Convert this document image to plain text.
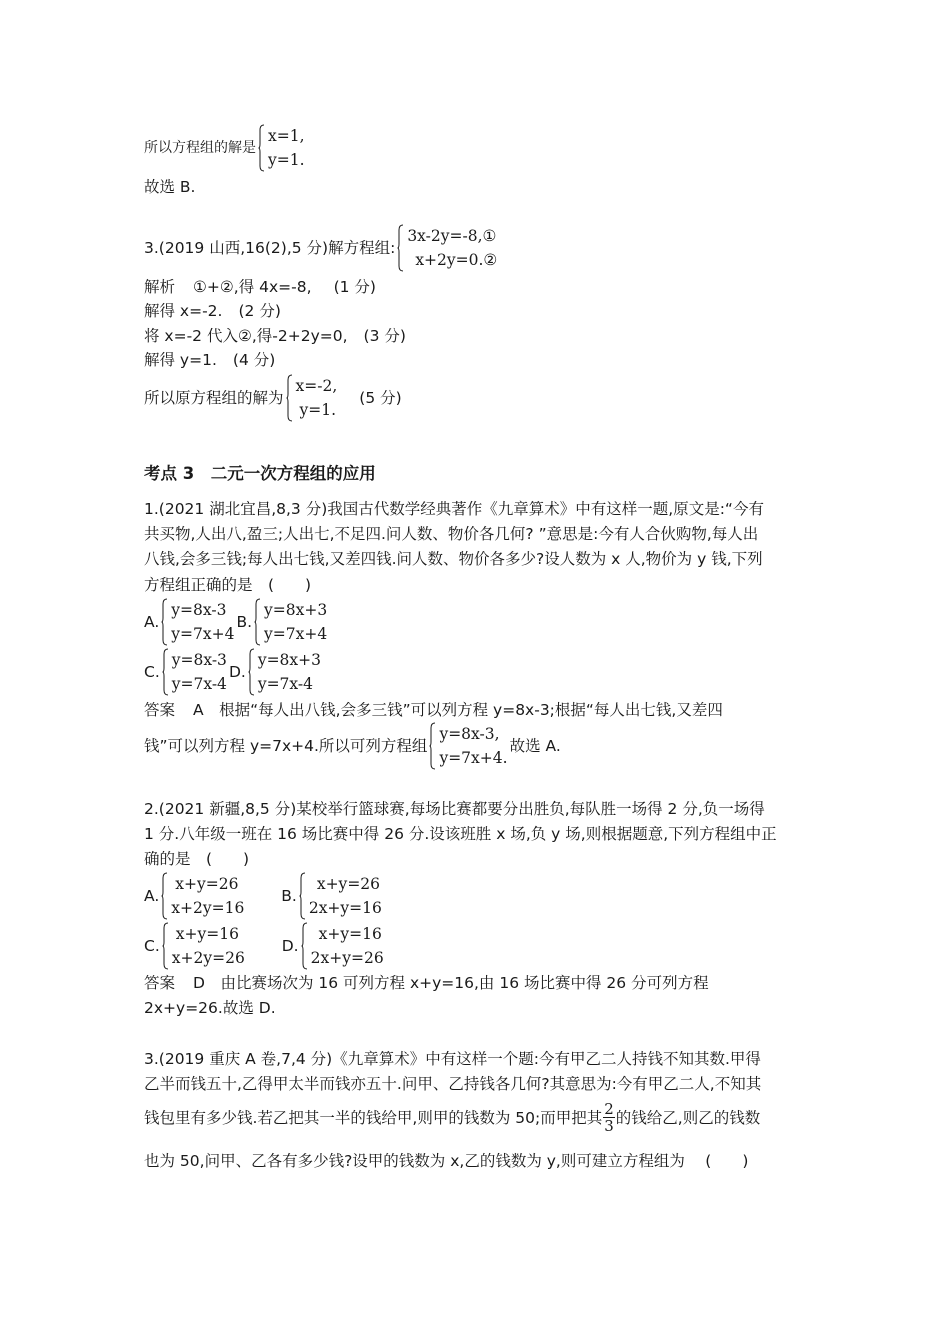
所以方程组的解是
x=1,
y=1.
故选 B.
3.(2019 山西,16(2),5 分)解方程组:
3x-2y=-8,①
x+2y=0.②
解析 ①+②,得 4x=-8, (1 分)
解得 x=-2. (2 分)
将 x=-2 代入②,得-2+2y=0, (3 分)
解得 y=1. (4 分)
所以原方程组的解为
x=-2,
y=1.
(5 分)
考点 3　二元一次方程组的应用
1.(2021 湖北宜昌,8,3 分)我国古代数学经典著作《九章算术》中有这样一题,原文是:“今有
共买物,人出八,盈三;人出七,不足四.问人数、物价各几何? ”意思是:今有人合伙购物,每人出
八钱,会多三钱;每人出七钱,又差四钱.问人数、物价各多少?设人数为 x 人,物价为 y 钱,下列
方程组正确的是　(　　)
A.
y=8x-3
y=7x+4
B.
y=8x+3
y=7x+4
C.
y=8x-3
y=7x-4
D.
y=8x+3
y=7x-4
答案 A　根据“每人出八钱,会多三钱”可以列方程 y=8x-3;根据“每人出七钱,又差四
钱”可以列方程 y=7x+4.所以可列方程组
y=8x-3,
y=7x+4.
故选 A.
2.(2021 新疆,8,5 分)某校举行篮球赛,每场比赛都要分出胜负,每队胜一场得 2 分,负一场得
1 分.八年级一班在 16 场比赛中得 26 分.设该班胜 x 场,负 y 场,则根据题意,下列方程组中正
确的是　(　　)
A.
x+y=26
x+2y=16
B.
x+y=26
2x+y=16
C.
x+y=16
x+2y=26
D.
x+y=16
2x+y=26
答案 D　由比赛场次为 16 可列方程 x+y=16,由 16 场比赛中得 26 分可列方程
2x+y=26.故选 D.
3.(2019 重庆 A 卷,7,4 分)《九章算术》中有这样一个题:今有甲乙二人持钱不知其数.甲得
乙半而钱五十,乙得甲太半而钱亦五十.问甲、乙持钱各几何?其意思为:今有甲乙二人,不知其
钱包里有多少钱.若乙把其一半的钱给甲,则甲的钱数为 50;而甲把其 $\frac{2}{3}$ 的钱给乙,则乙的钱数
也为 50,问甲、乙各有多少钱?设甲的钱数为 x,乙的钱数为 y,则可建立方程组为　 (　　)
